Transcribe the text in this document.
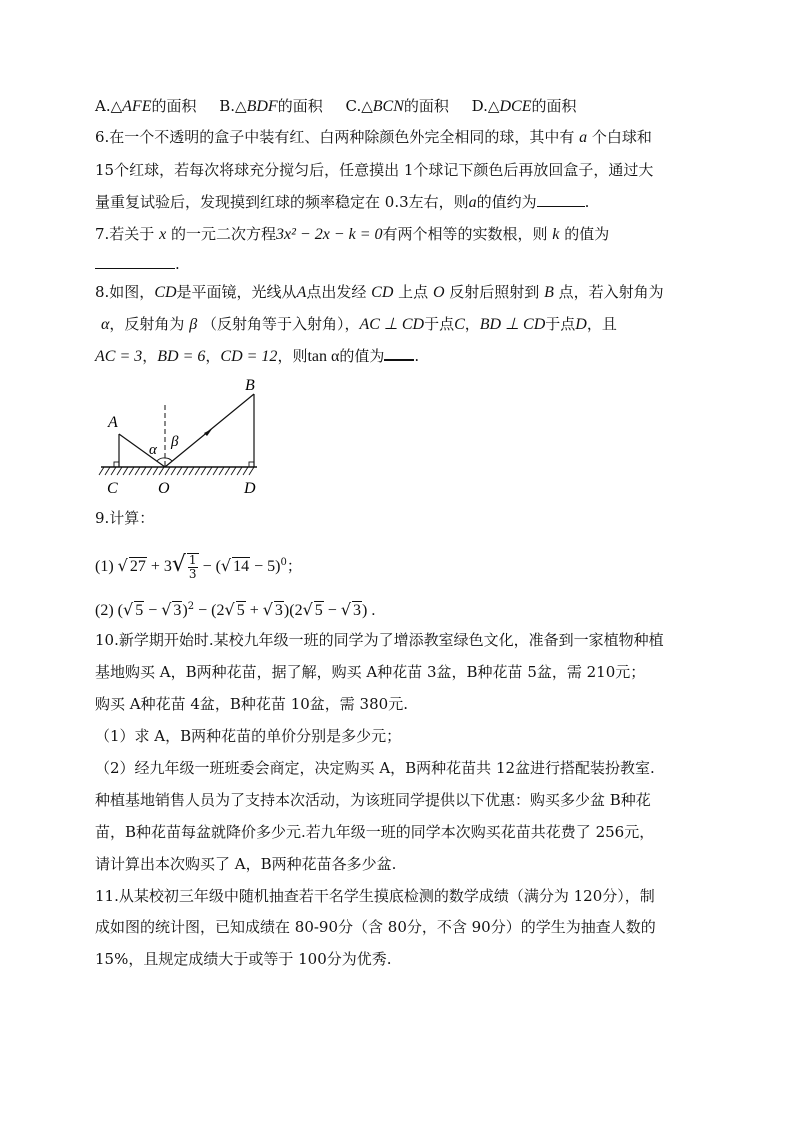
A.△AFE的面积 B.△BDF的面积 C.△BCN的面积 D.△DCE的面积
6.在一个不透明的盒子中装有红、白两种除颜色外完全相同的球，其中有 a 个白球和
15个红球，若每次将球充分搅匀后，任意摸出 1个球记下颜色后再放回盒子，通过大
量重复试验后，发现摸到红球的频率稳定在 0.3左右，则a的值约为	.
7.若关于 x 的一元二次方程3x² − 2x − k = 0有两个相等的实数根，则 k 的值为
.
8.如图，CD是平面镜，光线从A点出发经 CD 上点 O 反射后照射到 B 点，若入射角为
α，反射角为 β （反射角等于入射角），AC ⊥ CD于点C，BD ⊥ CD于点D，且
AC = 3，BD = 6，CD = 12，则tan α的值为 .
A
B
C	O	D
α β
9.计算：
(1) √ $27 + 3√ \frac{1}{3}$ − (√ 14 − 5)$^0$；
(2) (√ 5 − √ 3)$^2$ − (2√ 5 + √ 3)(2√ 5 − √ 3) .
10.新学期开始时.某校九年级一班的同学为了增添教室绿色文化，准备到一家植物种植
基地购买 A，B两种花苗，据了解，购买 A种花苗 3盆，B种花苗 5盆，需 210元；
购买 A种花苗 4盆，B种花苗 10盆，需 380元.
（1）求 A，B两种花苗的单价分别是多少元；
（2）经九年级一班班委会商定，决定购买 A，B两种花苗共 12盆进行搭配装扮教室.
种植基地销售人员为了支持本次活动，为该班同学提供以下优惠：购买多少盆 B种花
苗，B种花苗每盆就降价多少元.若九年级一班的同学本次购买花苗共花费了 256元，
请计算出本次购买了 A，B两种花苗各多少盆.
11.从某校初三年级中随机抽查若干名学生摸底检测的数学成绩（满分为 120分），制
成如图的统计图，已知成绩在 80-90分（含 80分，不含 90分）的学生为抽查人数的
15%，且规定成绩大于或等于 100分为优秀.
